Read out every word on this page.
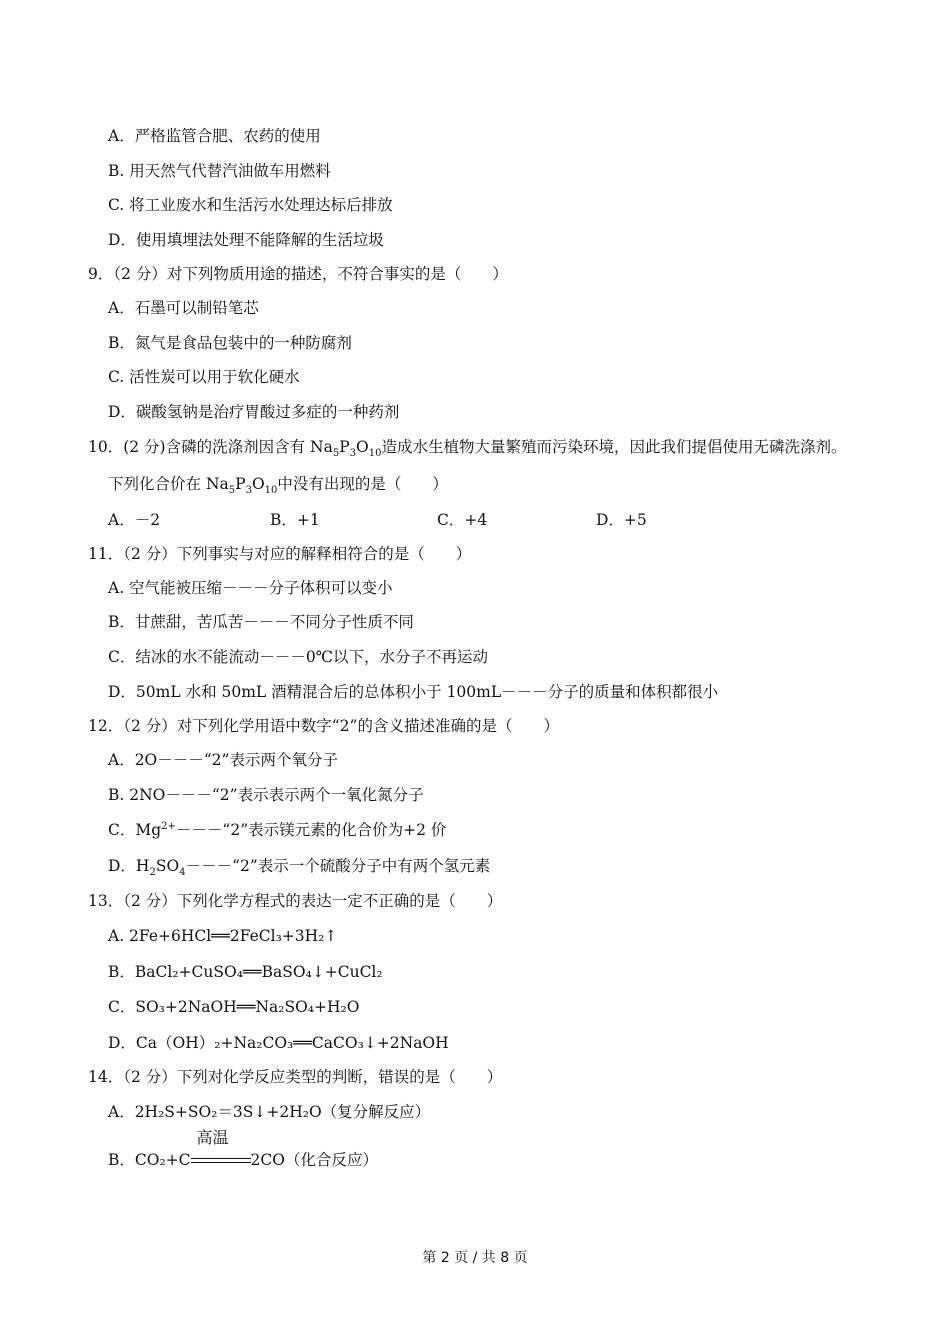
A．严格监管合肥、农药的使用
B. 用天然气代替汽油做车用燃料
C. 将工业废水和生活污水处理达标后排放
D．使用填埋法处理不能降解的生活垃圾
9．（2 分）对下列物质用途的描述，不符合事实的是（　　）
A．石墨可以制铅笔芯
B．氮气是食品包装中的一种防腐剂
C. 活性炭可以用于软化硬水
D．碳酸氢钠是治疗胃酸过多症的一种药剂
10．(2 分)含磷的洗涤剂因含有 $Na_5P_3O_{10}$造成水生植物大量繁殖而污染环境，因此我们提倡使用无磷洗涤剂。
下列化合价在 $Na_5P_3O_{10}$中没有出现的是（　　）
A．－2	B．+1	C．+4	D．+5
11．（2 分）下列事实与对应的解释相符合的是（　　）
A. 空气能被压缩－－－分子体积可以变小
B．甘蔗甜，苦瓜苦－－－不同分子性质不同
C．结冰的水不能流动－－－0℃以下，水分子不再运动
D．50mL 水和 50mL 酒精混合后的总体积小于 100mL－－－分子的质量和体积都很小
12．（2 分）对下列化学用语中数字“2”的含义描述准确的是（　　）
A．2O－－－“2”表示两个氧分子
B. 2NO－－－“2”表示表示两个一氧化氮分子
C．$Mg^{2+}---“2$”表示镁元素的化合价为+2 价
D．$H_2SO_4---“2$”表示一个硫酸分子中有两个氢元素
13．（2 分）下列化学方程式的表达一定不正确的是（　　）
A. 2Fe+6HCl══2FeCl₃+3H₂↑
B．BaCl₂+CuSO₄══BaSO₄↓+CuCl₂
C．SO₃+2NaOH══Na₂SO₄+H₂O
D．Ca（OH）₂+Na₂CO₃══CaCO₃↓+2NaOH
14．（2 分）下列对化学反应类型的判断，错误的是（　　）
A．2H₂S+SO₂＝3S↓+2H₂O（复分解反应）
B．CO₂+C
高温
2CO（化合反应）
第 2 页 / 共 8 页
